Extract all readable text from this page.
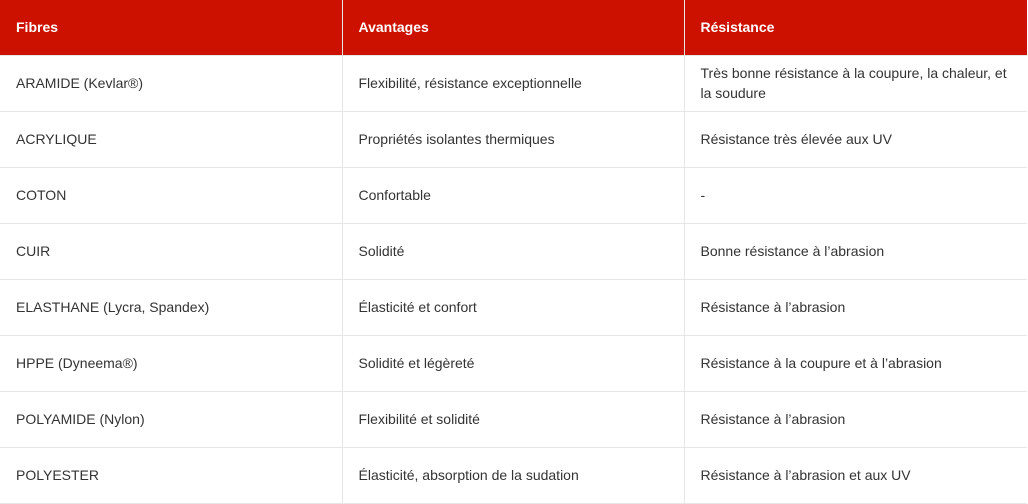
Fibres	Avantages	Résistance
ARAMIDE (Kevlar®)	Flexibilité, résistance exceptionnelle	Très bonne résistance à la coupure, la chaleur, et la soudure
ACRYLIQUE	Propriétés isolantes thermiques	Résistance très élevée aux UV
COTON	Confortable	-
CUIR	Solidité	Bonne résistance à l’abrasion
ELASTHANE (Lycra, Spandex)	Élasticité et confort	Résistance à l’abrasion
HPPE (Dyneema®)	Solidité et légèreté	Résistance à la coupure et à l’abrasion
POLYAMIDE (Nylon)	Flexibilité et solidité	Résistance à l’abrasion
POLYESTER	Élasticité, absorption de la sudation	Résistance à l’abrasion et aux UV
